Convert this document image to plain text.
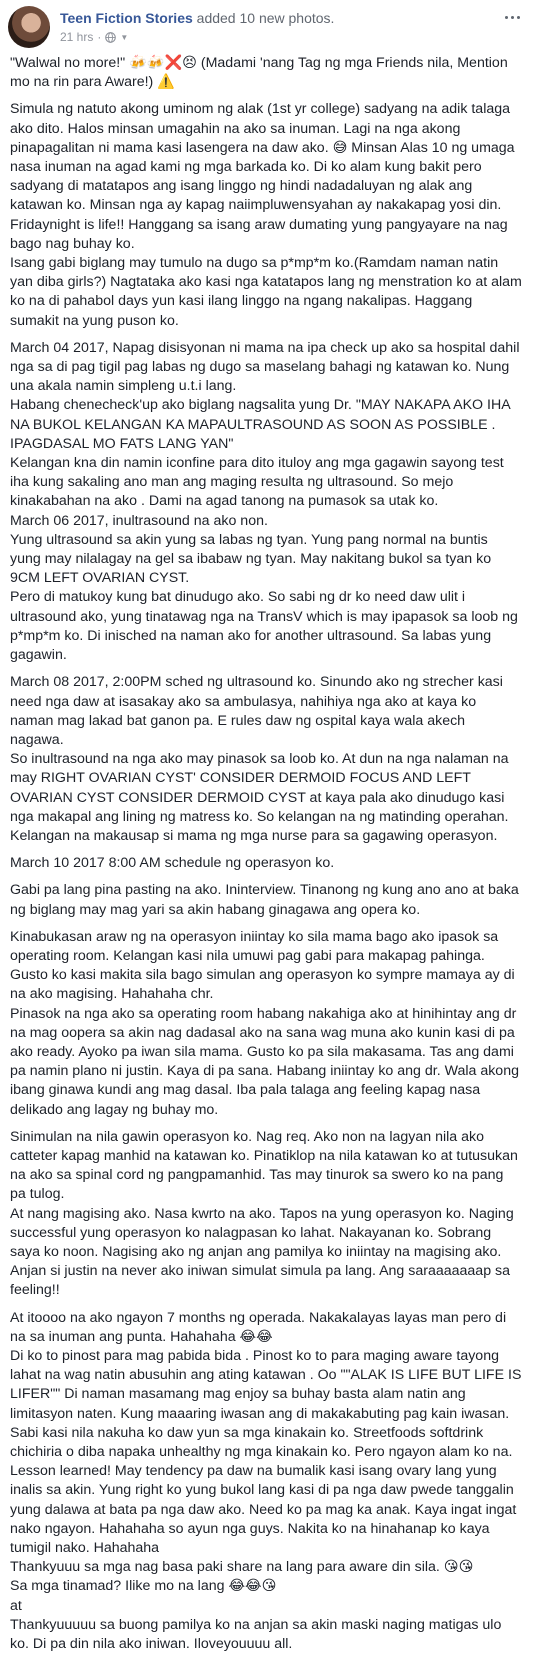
Teen Fiction Stories added 10 new photos.
21 hrs · ▼

"Walwal no more!" 🍻🍻❌😣 (Madami 'nang Tag ng mga Friends nila, Mention mo na rin para Aware!) ⚠️

Simula ng natuto akong uminom ng alak (1st yr college) sadyang na adik talaga ako dito. Halos minsan umagahin na ako sa inuman. Lagi na nga akong pinapagalitan ni mama kasi lasengera na daw ako. 😅 Minsan Alas 10 ng umaga nasa inuman na agad kami ng mga barkada ko. Di ko alam kung bakit pero sadyang di matatapos ang isang linggo ng hindi nadadaluyan ng alak ang katawan ko. Minsan nga ay kapag naiimpluwensyahan ay nakakapag yosi din. Fridaynight is life!! Hanggang sa isang araw dumating yung pangyayare na nag bago nag buhay ko.
Isang gabi biglang may tumulo na dugo sa p*mp*m ko.(Ramdam naman natin yan diba girls?) Nagtataka ako kasi nga katatapos lang ng menstration ko at alam ko na di pahabol days yun kasi ilang linggo na ngang nakalipas. Haggang sumakit na yung puson ko.

March 04 2017, Napag disisyonan ni mama na ipa check up ako sa hospital dahil nga sa di pag tigil pag labas ng dugo sa maselang bahagi ng katawan ko. Nung una akala namin simpleng u.t.i lang.
Habang chenecheck'up ako biglang nagsalita yung Dr. "MAY NAKAPA AKO IHA NA BUKOL KELANGAN KA MAPAULTRASOUND AS SOON AS POSSIBLE . IPAGDASAL MO FATS LANG YAN"
Kelangan kna din namin iconfine para dito ituloy ang mga gagawin sayong test iha kung sakaling ano man ang maging resulta ng ultrasound. So mejo kinakabahan na ako . Dami na agad tanong na pumasok sa utak ko.
March 06 2017, inultrasound na ako non.
Yung ultrasound sa akin yung sa labas ng tyan. Yung pang normal na buntis yung may nilalagay na gel sa ibabaw ng tyan. May nakitang bukol sa tyan ko 9CM LEFT OVARIAN CYST.
Pero di matukoy kung bat dinudugo ako. So sabi ng dr ko need daw ulit i ultrasound ako, yung tinatawag nga na TransV which is may ipapasok sa loob ng p*mp*m ko. Di inisched na naman ako for another ultrasound. Sa labas yung gagawin.

March 08 2017, 2:00PM sched ng ultrasound ko. Sinundo ako ng strecher kasi need nga daw at isasakay ako sa ambulasya, nahihiya nga ako at kaya ko naman mag lakad bat ganon pa. E rules daw ng ospital kaya wala akech nagawa.
So inultrasound na nga ako may pinasok sa loob ko. At dun na nga nalaman na may RIGHT OVARIAN CYST' CONSIDER DERMOID FOCUS AND LEFT OVARIAN CYST CONSIDER DERMOID CYST at kaya pala ako dinudugo kasi nga makapal ang lining ng matress ko. So kelangan na ng matinding operahan. Kelangan na makausap si mama ng mga nurse para sa gagawing operasyon.

March 10 2017 8:00 AM schedule ng operasyon ko.

Gabi pa lang pina pasting na ako. Ininterview. Tinanong ng kung ano ano at baka ng biglang may mag yari sa akin habang ginagawa ang opera ko.

Kinabukasan araw ng na operasyon iniintay ko sila mama bago ako ipasok sa operating room. Kelangan kasi nila umuwi pag gabi para makapag pahinga. Gusto ko kasi makita sila bago simulan ang operasyon ko sympre mamaya ay di na ako magising. Hahahaha chr.
Pinasok na nga ako sa operating room habang nakahiga ako at hinihintay ang dr na mag oopera sa akin nag dadasal ako na sana wag muna ako kunin kasi di pa ako ready. Ayoko pa iwan sila mama. Gusto ko pa sila makasama. Tas ang dami pa namin plano ni justin. Kaya di pa sana. Habang iniintay ko ang dr. Wala akong ibang ginawa kundi ang mag dasal. Iba pala talaga ang feeling kapag nasa delikado ang lagay ng buhay mo.

Sinimulan na nila gawin operasyon ko. Nag req. Ako non na lagyan nila ako catteter kapag manhid na katawan ko. Pinatiklop na nila katawan ko at tutusukan na ako sa spinal cord ng pangpamanhid. Tas may tinurok sa swero ko na pang pa tulog.
At nang magising ako. Nasa kwrto na ako. Tapos na yung operasyon ko. Naging successful yung operasyon ko nalagpasan ko lahat. Nakayanan ko. Sobrang saya ko noon. Nagising ako ng anjan ang pamilya ko iniintay na magising ako. Anjan si justin na never ako iniwan simulat simula pa lang. Ang saraaaaaaap sa feeling!!

At itoooo na ako ngayon 7 months ng operada. Nakakalayas layas man pero di na sa inuman ang punta. Hahahaha 😂😂
Di ko to pinost para mag pabida bida . Pinost ko to para maging aware tayong lahat na wag natin abusuhin ang ating katawan . Oo ""ALAK IS LIFE BUT LIFE IS LIFER"" Di naman masamang mag enjoy sa buhay basta alam natin ang limitasyon naten. Kung maaaring iwasan ang di makakabuting pag kain iwasan. Sabi kasi nila nakuha ko daw yun sa mga kinakain ko. Streetfoods softdrink chichiria o diba napaka unhealthy ng mga kinakain ko. Pero ngayon alam ko na. Lesson learned! May tendency pa daw na bumalik kasi isang ovary lang yung inalis sa akin. Yung right ko yung bukol lang kasi di pa nga daw pwede tanggalin yung dalawa at bata pa nga daw ako. Need ko pa mag ka anak. Kaya ingat ingat nako ngayon. Hahahaha so ayun nga guys. Nakita ko na hinahanap ko kaya tumigil nako. Hahahaha
Thankyuuu sa mga nag basa paki share na lang para aware din sila. 😘😘
Sa mga tinamad? Ilike mo na lang 😂😂😘
at
Thankyuuuuu sa buong pamilya ko na anjan sa akin maski naging matigas ulo ko. Di pa din nila ako iniwan. Iloveyouuuu all.
